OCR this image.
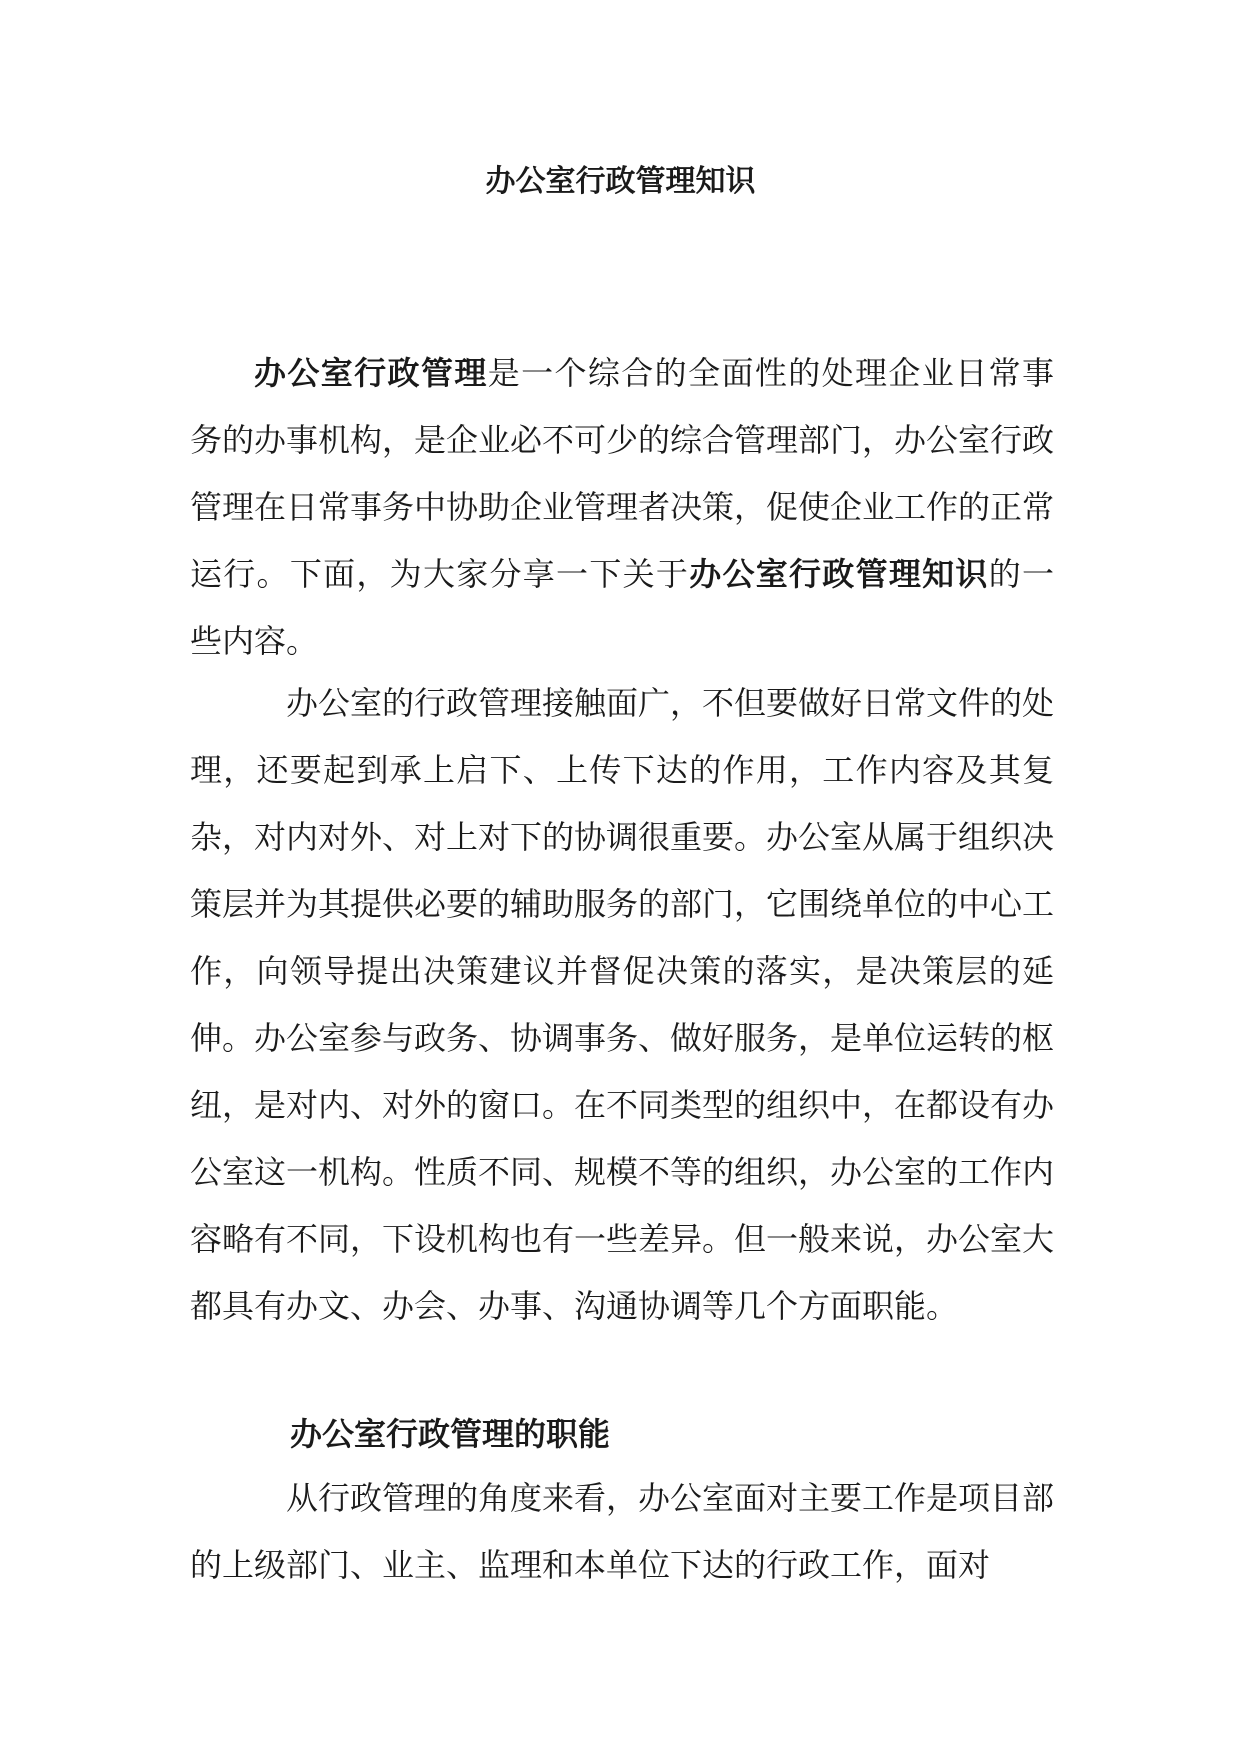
办公室行政管理知识

办公室行政管理是一个综合的全面性的处理企业日常事务的办事机构，是企业必不可少的综合管理部门，办公室行政管理在日常事务中协助企业管理者决策，促使企业工作的正常运行。下面，为大家分享一下关于办公室行政管理知识的一些内容。

办公室的行政管理接触面广，不但要做好日常文件的处理，还要起到承上启下、上传下达的作用，工作内容及其复杂，对内对外、对上对下的协调很重要。办公室从属于组织决策层并为其提供必要的辅助服务的部门，它围绕单位的中心工作，向领导提出决策建议并督促决策的落实，是决策层的延伸。办公室参与政务、协调事务、做好服务，是单位运转的枢纽，是对内、对外的窗口。在不同类型的组织中，在都设有办公室这一机构。性质不同、规模不等的组织，办公室的工作内容略有不同，下设机构也有一些差异。但一般来说，办公室大都具有办文、办会、办事、沟通协调等几个方面职能。

办公室行政管理的职能

从行政管理的角度来看，办公室面对主要工作是项目部的上级部门、业主、监理和本单位下达的行政工作，面对
